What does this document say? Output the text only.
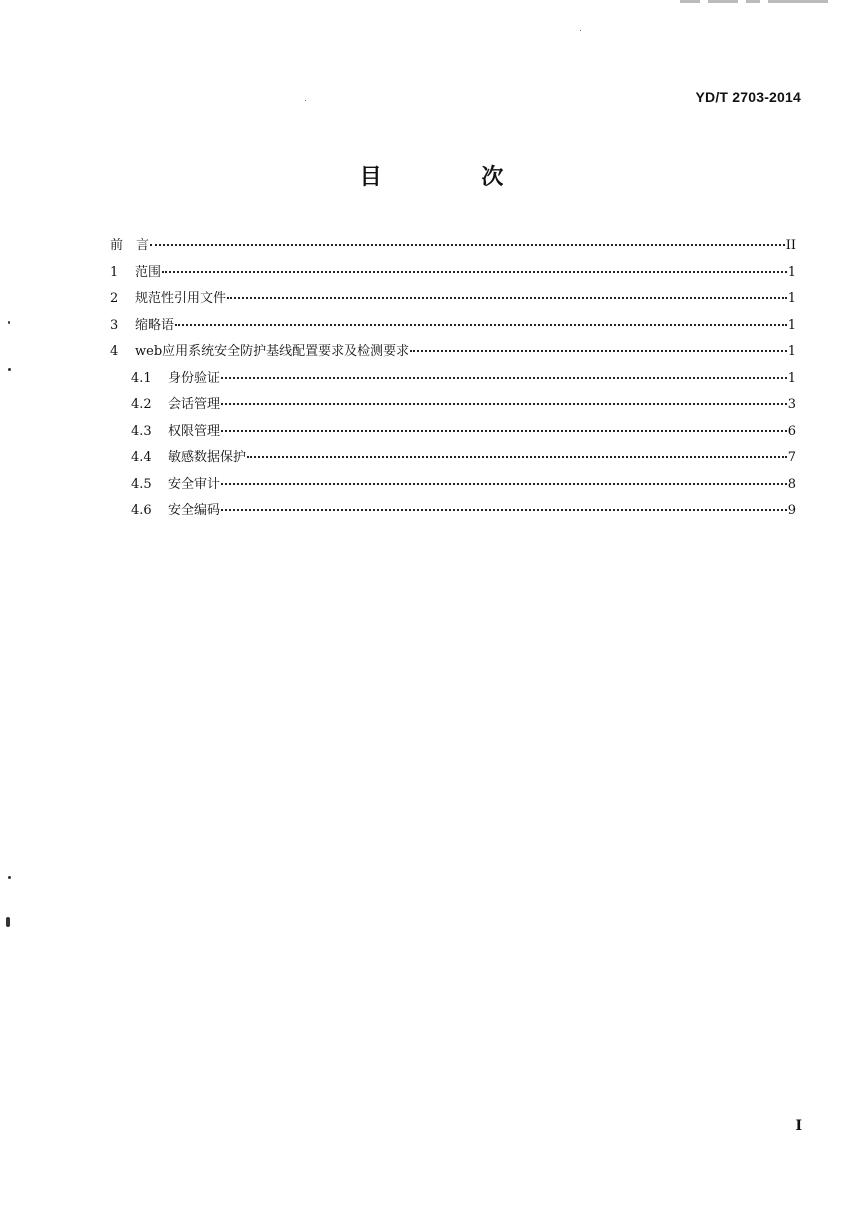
YD/T 2703-2014
目 次
前　言	II
1	范围	1
2	规范性引用文件	1
3	缩略语	1
4	web应用系统安全防护基线配置要求及检测要求	1
4.1	身份验证	1
4.2	会话管理	3
4.3	权限管理	6
4.4	敏感数据保护	7
4.5	安全审计	8
4.6	安全编码	9
I
